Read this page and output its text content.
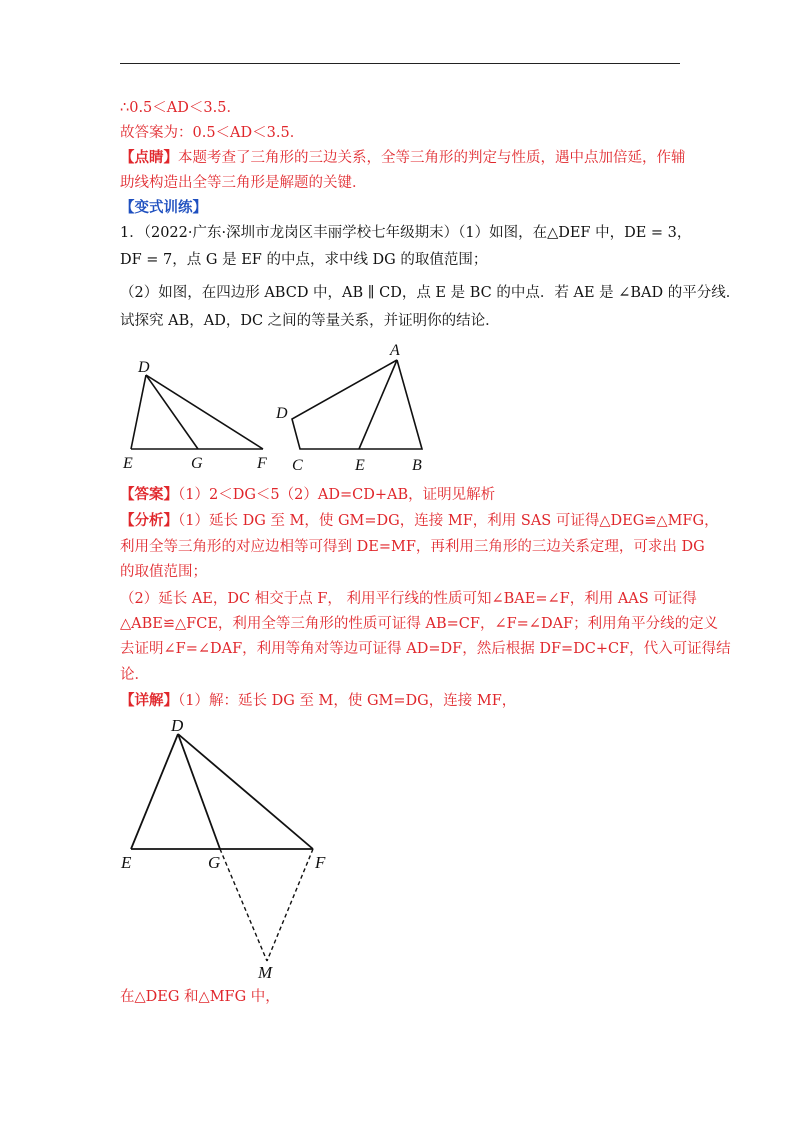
∴0.5＜AD＜3.5．
故答案为：0.5＜AD＜3.5．
【点睛】本题考查了三角形的三边关系，全等三角形的判定与性质，遇中点加倍延，作辅
助线构造出全等三角形是解题的关键．
【变式训练】
1．（2022·广东·深圳市龙岗区丰丽学校七年级期末）（1）如图，在△DEF 中，DE = 3，
DF = 7，点 G 是 EF 的中点，求中线 DG 的取值范围；
（2）如图，在四边形 ABCD 中，AB ∥ CD，点 E 是 BC 的中点．若 AE 是 ∠BAD 的平分线．
试探究 AB，AD，DC 之间的等量关系，并证明你的结论．
D
E	G	F
A
D
C	E	B
【答案】（1）2＜DG＜5（2）AD=CD+AB，证明见解析
【分析】（1）延长 DG 至 M，使 GM=DG，连接 MF，利用 SAS 可证得△DEG≌△MFG，
利用全等三角形的对应边相等可得到 DE=MF，再利用三角形的三边关系定理，可求出 DG
的取值范围；
（2）延长 AE，DC 相交于点 F， 利用平行线的性质可知∠BAE=∠F，利用 AAS 可证得
△ABE≌△FCE，利用全等三角形的性质可证得 AB=CF，∠F=∠DAF；利用角平分线的定义
去证明∠F=∠DAF，利用等角对等边可证得 AD=DF，然后根据 DF=DC+CF，代入可证得结
论．
【详解】（1）解：延长 DG 至 M，使 GM=DG，连接 MF，
D
E	G	F
M
在△DEG 和△MFG 中，
